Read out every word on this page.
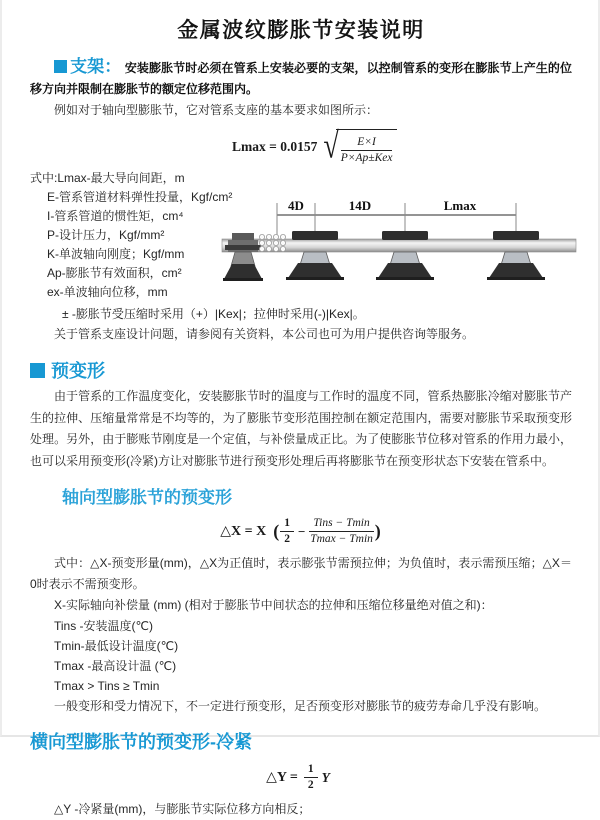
金属波纹膨胀节安装说明

支架： 安装膨胀节时必须在管系上安装必要的支架，以控制管系的变形在膨胀节上产生的位移方向并限制在膨胀节的额定位移范围内。

例如对于轴向型膨胀节，它对管系支座的基本要求如图所示：

Lmax = 0.0157 √ $\frac{E\times I}{\text{P×Ap±Kex}}$
式中:Lmax-最大导向间距，m
E-管系管道材料弹性投量，Kgf/cm²
I-管系管道的惯性矩，cm⁴
P-设计压力，Kgf/mm²
K-单波轴向刚度；Kgf/mm
Ap-膨胀节有效面积，cm²
ex-单波轴向位移，mm
4D	14D	Lmax

± -膨胀节受压缩时采用（+）|Kex|；拉伸时采用(-)|Kex|。

关于管系支座设计问题，请参阅有关资料，本公司也可为用户提供咨询等服务。

预变形

由于管系的工作温度变化，安装膨胀节时的温度与工作时的温度不同，管系热膨胀冷缩对膨胀节产生的拉伸、压缩量常常是不均等的，为了膨胀节变形范围控制在额定范围内，需要对膨胀节采取预变形处理。另外，由于膨账节刚度是一个定值，与补偿量成正比。为了使膨胀节位移对管系的作用力最小，也可以采用预变形(冷紧)方让对膨胀节进行预变形处理后再将膨胀节在预变形状态下安装在管系中。

轴向型膨胀节的预变形
△X = X ( $\frac{1}{2} - \frac{\text{Tins − Tmin}}{Tmax - Tmin}$ )

式中：△X-预变形量(mm)，△X为正值时，表示膨张节需预拉伸；为负值时，表示需预压缩；△X＝0时表示不需预变形。

X-实际轴向补偿量 (mm) (相对于膨胀节中间状态的拉伸和压缩位移量绝对值之和)：

Tins -安装温度(℃)

Tmin-最低设计温度(℃)

Tmax -最高设计温 (℃)

Tmax > Tins ≥ Tmin

一般变形和受力情况下，不一定进行预变形，足否预变形对膨胀节的疲劳寿命几乎没有影响。

横向型膨胀节的预变形-冷紧
△Y = $\frac{1}{2}$ Y

△Y -冷紧量(mm)，与膨胀节实际位移方向相反；
